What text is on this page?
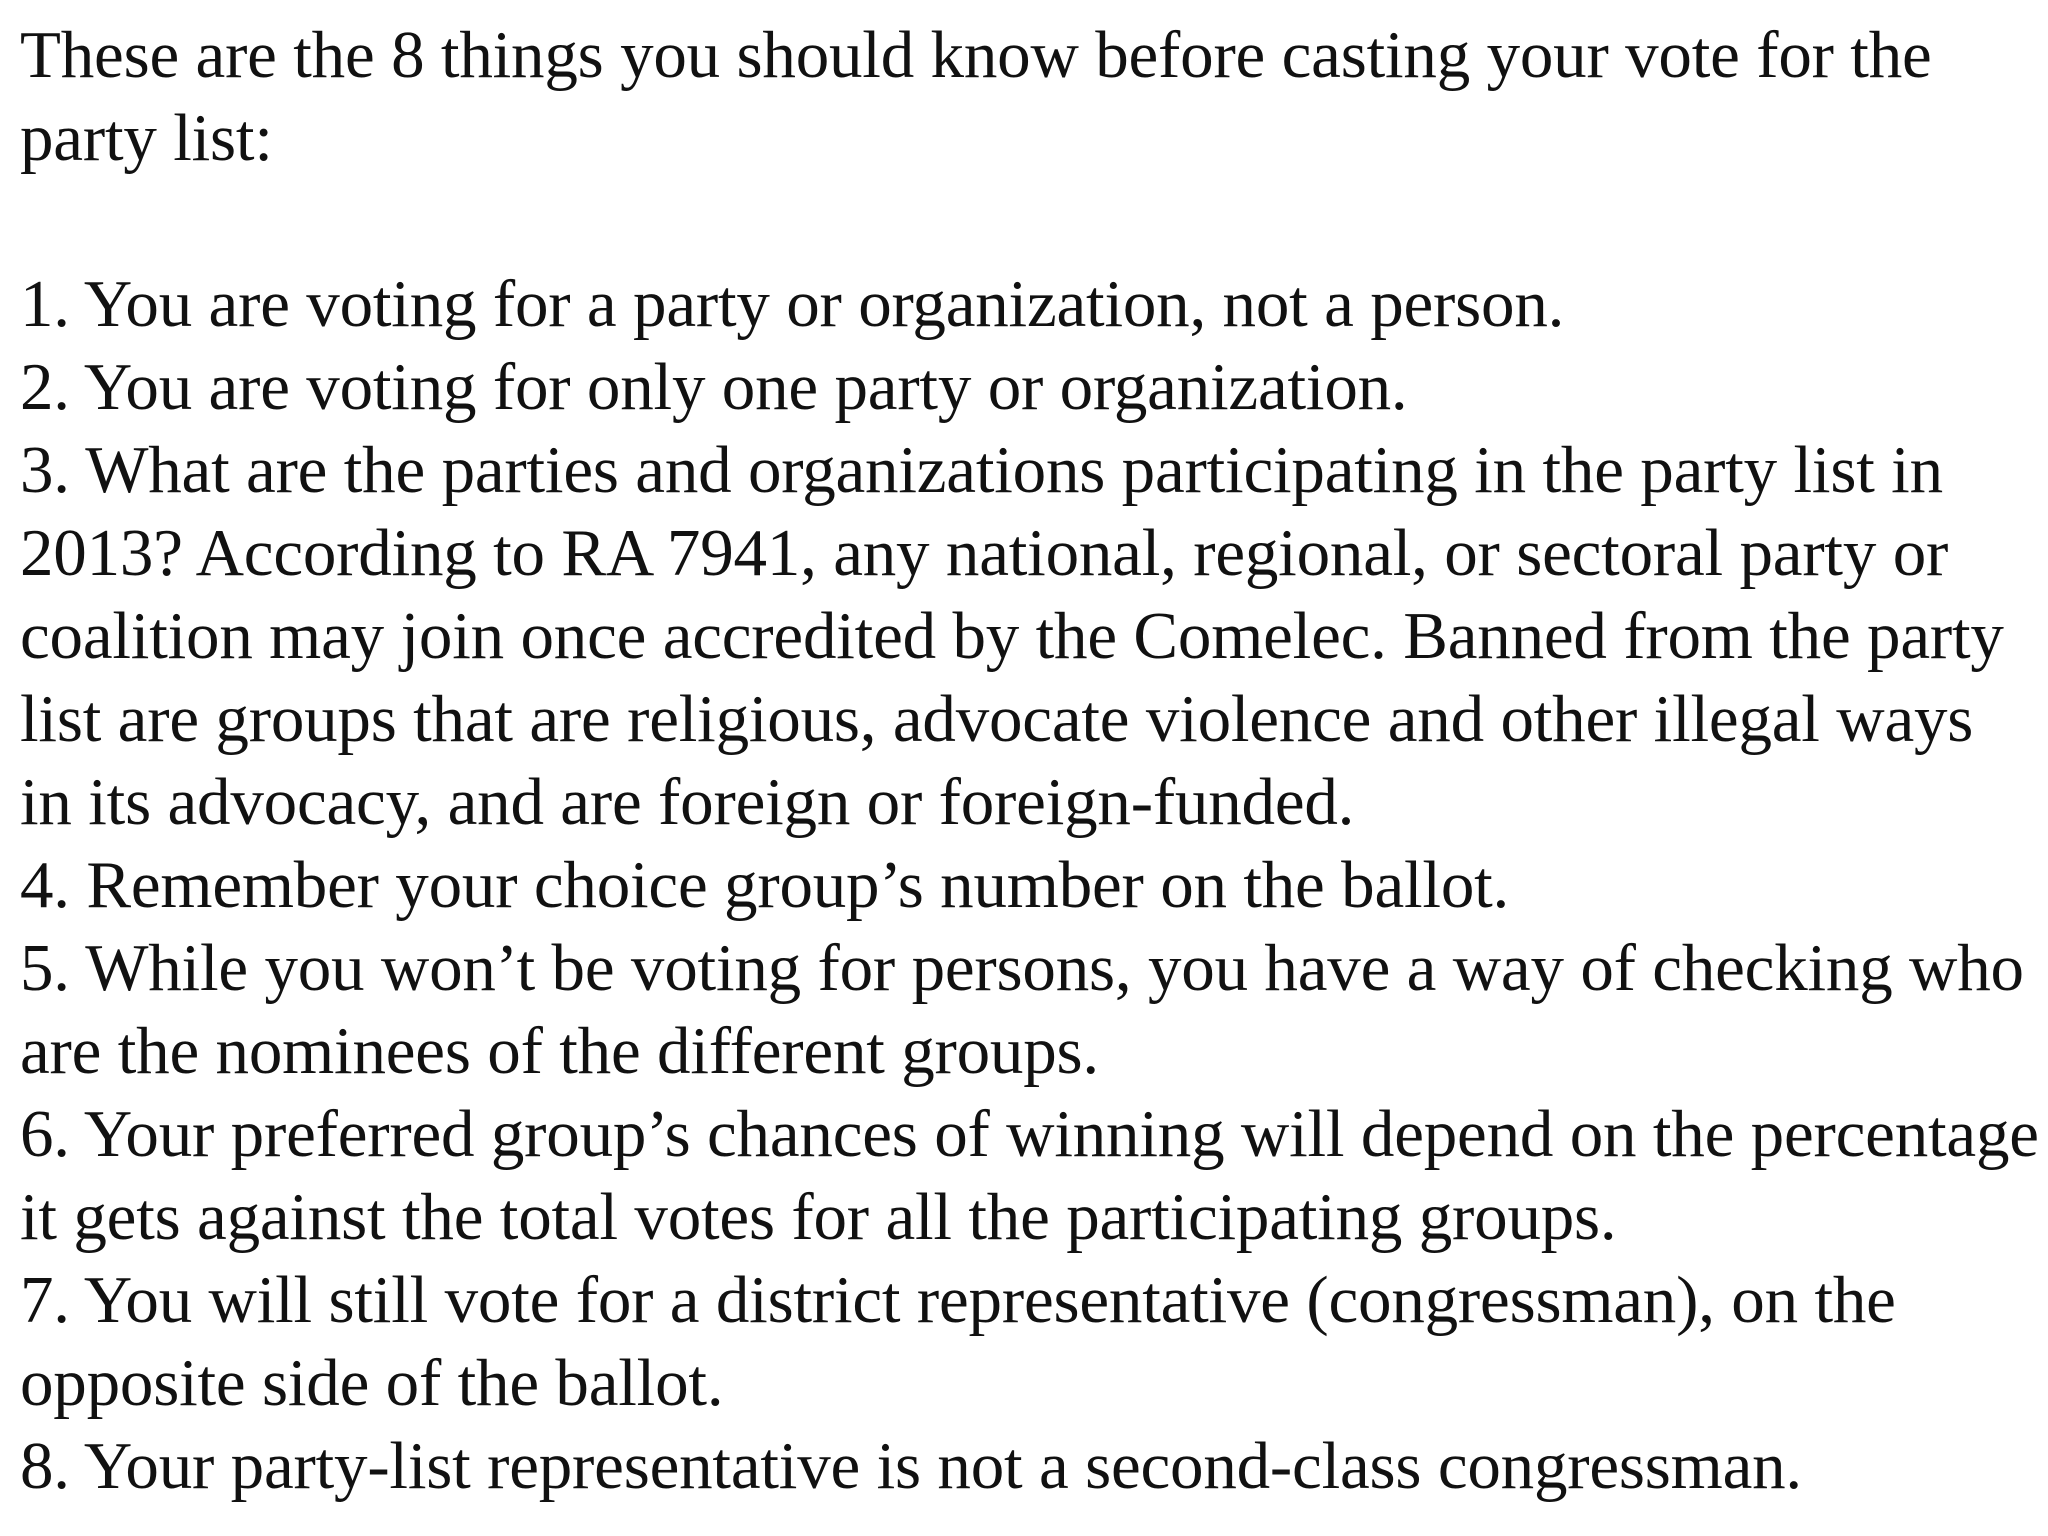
These are the 8 things you should know before casting your vote for the party list:

1. You are voting for a party or organization, not a person.
2. You are voting for only one party or organization.
3. What are the parties and organizations participating in the party list in 2013? According to RA 7941, any national, regional, or sectoral party or coalition may join once accredited by the Comelec. Banned from the party list are groups that are religious, advocate violence and other illegal ways in its advocacy, and are foreign or foreign-funded.
4. Remember your choice group’s number on the ballot.
5. While you won’t be voting for persons, you have a way of checking who are the nominees of the different groups.
6. Your preferred group’s chances of winning will depend on the percentage it gets against the total votes for all the participating groups.
7. You will still vote for a district representative (congressman), on the opposite side of the ballot.
8. Your party-list representative is not a second-class congressman.
